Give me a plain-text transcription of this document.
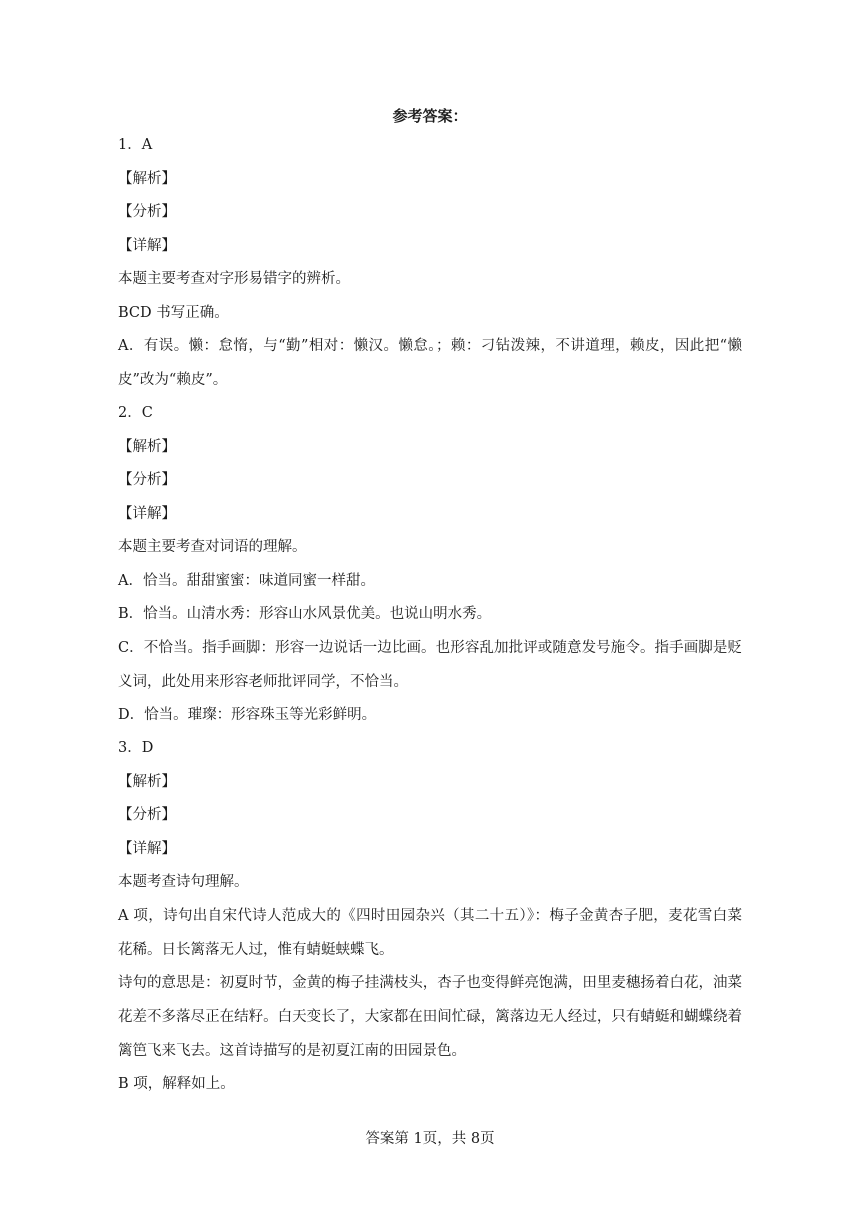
参考答案：
1．A
【解析】
【分析】
【详解】
本题主要考查对字形易错字的辨析。
BCD 书写正确。
A．有误。懒：怠惰，与“勤”相对：懒汉。懒怠。；赖：刁钻泼辣，不讲道理，赖皮，因此把“懒皮”改为“赖皮”。
2．C
【解析】
【分析】
【详解】
本题主要考查对词语的理解。
A．恰当。甜甜蜜蜜：味道同蜜一样甜。
B．恰当。山清水秀：形容山水风景优美。也说山明水秀。
C．不恰当。指手画脚：形容一边说话一边比画。也形容乱加批评或随意发号施令。指手画脚是贬义词，此处用来形容老师批评同学，不恰当。
D．恰当。璀璨：形容珠玉等光彩鲜明。
3．D
【解析】
【分析】
【详解】
本题考查诗句理解。
A 项，诗句出自宋代诗人范成大的《四时田园杂兴（其二十五）》：梅子金黄杏子肥，麦花雪白菜花稀。日长篱落无人过，惟有蜻蜓蛱蝶飞。
诗句的意思是：初夏时节，金黄的梅子挂满枝头，杏子也变得鲜亮饱满，田里麦穗扬着白花，油菜花差不多落尽正在结籽。白天变长了，大家都在田间忙碌，篱落边无人经过，只有蜻蜓和蝴蝶绕着篱笆飞来飞去。这首诗描写的是初夏江南的田园景色。
B 项，解释如上。
答案第 1页，共 8页
